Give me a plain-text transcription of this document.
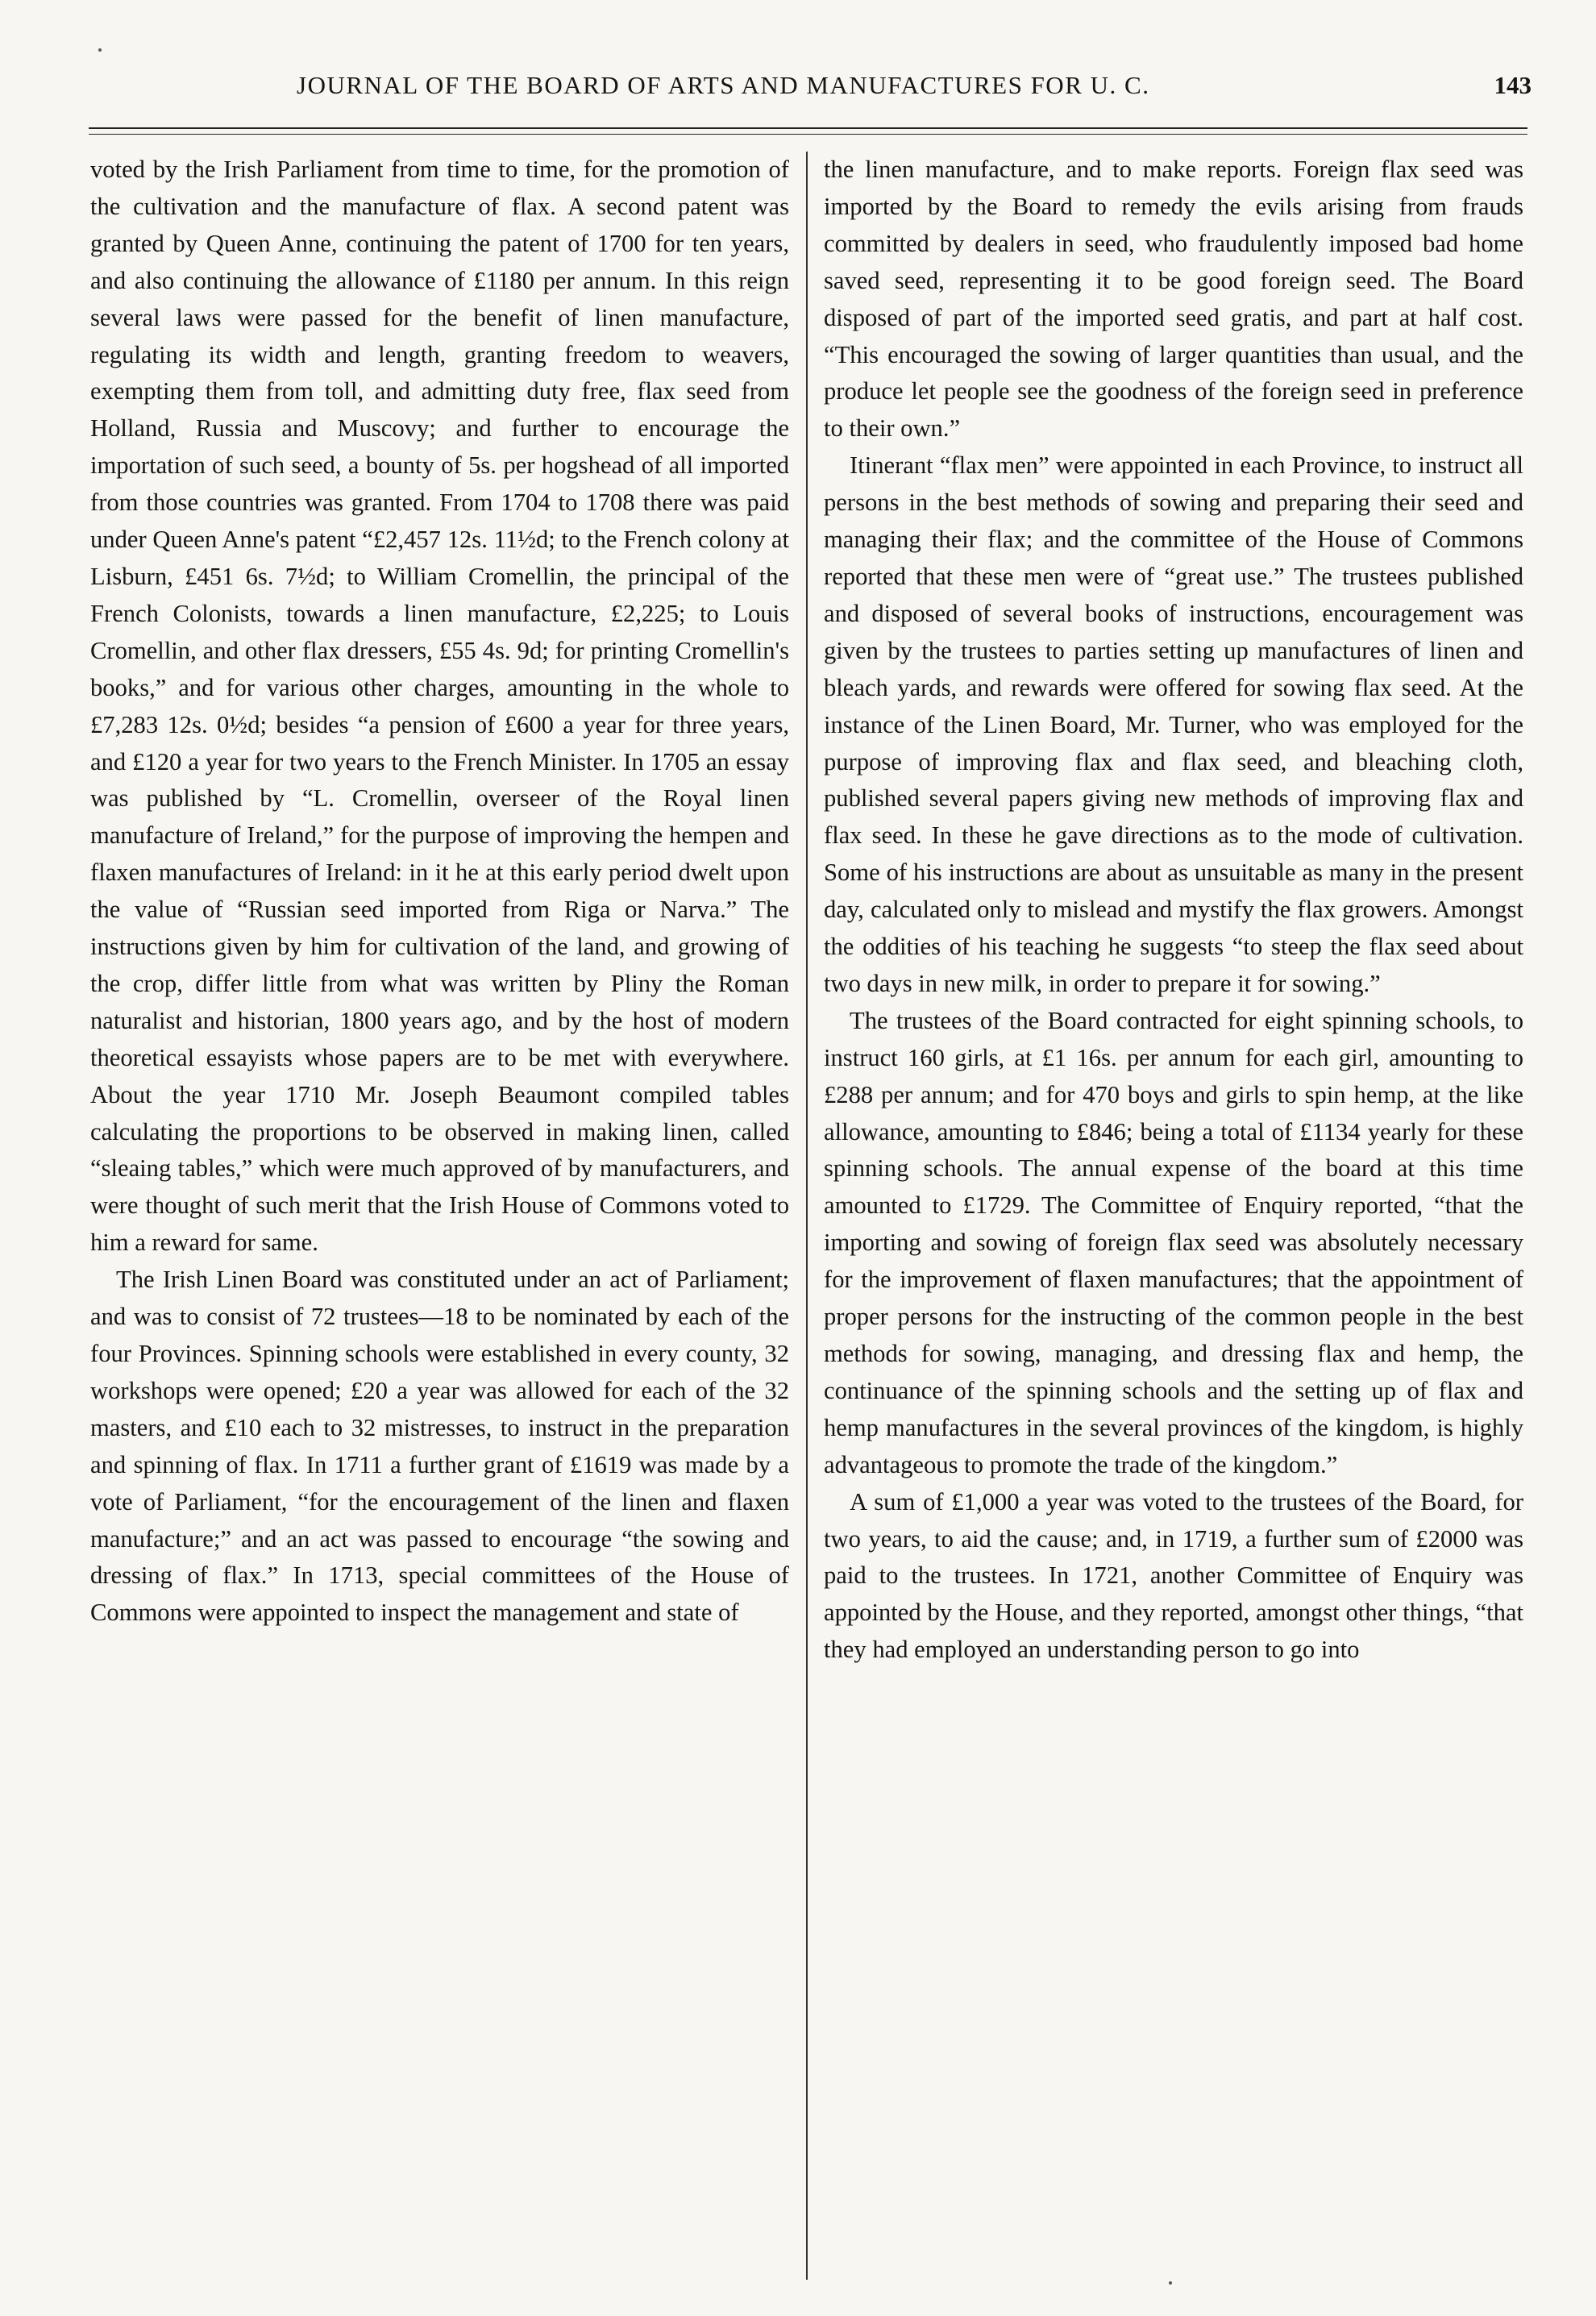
JOURNAL OF THE BOARD OF ARTS AND MANUFACTURES FOR U. C.	143

voted by the Irish Parliament from time to time, for the promotion of the cultivation and the manufacture of flax. A second patent was granted by Queen Anne, continuing the patent of 1700 for ten years, and also continuing the allowance of £1180 per annum. In this reign several laws were passed for the benefit of linen manufacture, regulating its width and length, granting freedom to weavers, exempting them from toll, and admitting duty free, flax seed from Holland, Russia and Muscovy; and further to encourage the importation of such seed, a bounty of 5s. per hogshead of all imported from those countries was granted. From 1704 to 1708 there was paid under Queen Anne's patent “£2,457 12s. 11½d; to the French colony at Lisburn, £451 6s. 7½d; to William Cromellin, the principal of the French Colonists, towards a linen manufacture, £2,225; to Louis Cromellin, and other flax dressers, £55 4s. 9d; for printing Cromellin's books,” and for various other charges, amounting in the whole to £7,283 12s. 0½d; besides “a pension of £600 a year for three years, and £120 a year for two years to the French Minister. In 1705 an essay was published by “L. Cromellin, overseer of the Royal linen manufacture of Ireland,” for the purpose of improving the hempen and flaxen manufactures of Ireland: in it he at this early period dwelt upon the value of “Russian seed imported from Riga or Narva.” The instructions given by him for cultivation of the land, and growing of the crop, differ little from what was written by Pliny the Roman naturalist and historian, 1800 years ago, and by the host of modern theoretical essayists whose papers are to be met with everywhere. About the year 1710 Mr. Joseph Beaumont compiled tables calculating the proportions to be observed in making linen, called “sleaing tables,” which were much approved of by manufacturers, and were thought of such merit that the Irish House of Commons voted to him a reward for same.

The Irish Linen Board was constituted under an act of Parliament; and was to consist of 72 trustees—18 to be nominated by each of the four Provinces. Spinning schools were established in every county, 32 workshops were opened; £20 a year was allowed for each of the 32 masters, and £10 each to 32 mistresses, to instruct in the preparation and spinning of flax. In 1711 a further grant of £1619 was made by a vote of Parliament, “for the encouragement of the linen and flaxen manufacture;” and an act was passed to encourage “the sowing and dressing of flax.” In 1713, special committees of the House of Commons were appointed to inspect the management and state of

the linen manufacture, and to make reports. Foreign flax seed was imported by the Board to remedy the evils arising from frauds committed by dealers in seed, who fraudulently imposed bad home saved seed, representing it to be good foreign seed. The Board disposed of part of the imported seed gratis, and part at half cost. “This encouraged the sowing of larger quantities than usual, and the produce let people see the goodness of the foreign seed in preference to their own.”

Itinerant “flax men” were appointed in each Province, to instruct all persons in the best methods of sowing and preparing their seed and managing their flax; and the committee of the House of Commons reported that these men were of “great use.” The trustees published and disposed of several books of instructions, encouragement was given by the trustees to parties setting up manufactures of linen and bleach yards, and rewards were offered for sowing flax seed. At the instance of the Linen Board, Mr. Turner, who was employed for the purpose of improving flax and flax seed, and bleaching cloth, published several papers giving new methods of improving flax and flax seed. In these he gave directions as to the mode of cultivation. Some of his instructions are about as unsuitable as many in the present day, calculated only to mislead and mystify the flax growers. Amongst the oddities of his teaching he suggests “to steep the flax seed about two days in new milk, in order to prepare it for sowing.”

The trustees of the Board contracted for eight spinning schools, to instruct 160 girls, at £1 16s. per annum for each girl, amounting to £288 per annum; and for 470 boys and girls to spin hemp, at the like allowance, amounting to £846; being a total of £1134 yearly for these spinning schools. The annual expense of the board at this time amounted to £1729. The Committee of Enquiry reported, “that the importing and sowing of foreign flax seed was absolutely necessary for the improvement of flaxen manufactures; that the appointment of proper persons for the instructing of the common people in the best methods for sowing, managing, and dressing flax and hemp, the continuance of the spinning schools and the setting up of flax and hemp manufactures in the several provinces of the kingdom, is highly advantageous to promote the trade of the kingdom.”

A sum of £1,000 a year was voted to the trustees of the Board, for two years, to aid the cause; and, in 1719, a further sum of £2000 was paid to the trustees. In 1721, another Committee of Enquiry was appointed by the House, and they reported, amongst other things, “that they had employed an understanding person to go into
